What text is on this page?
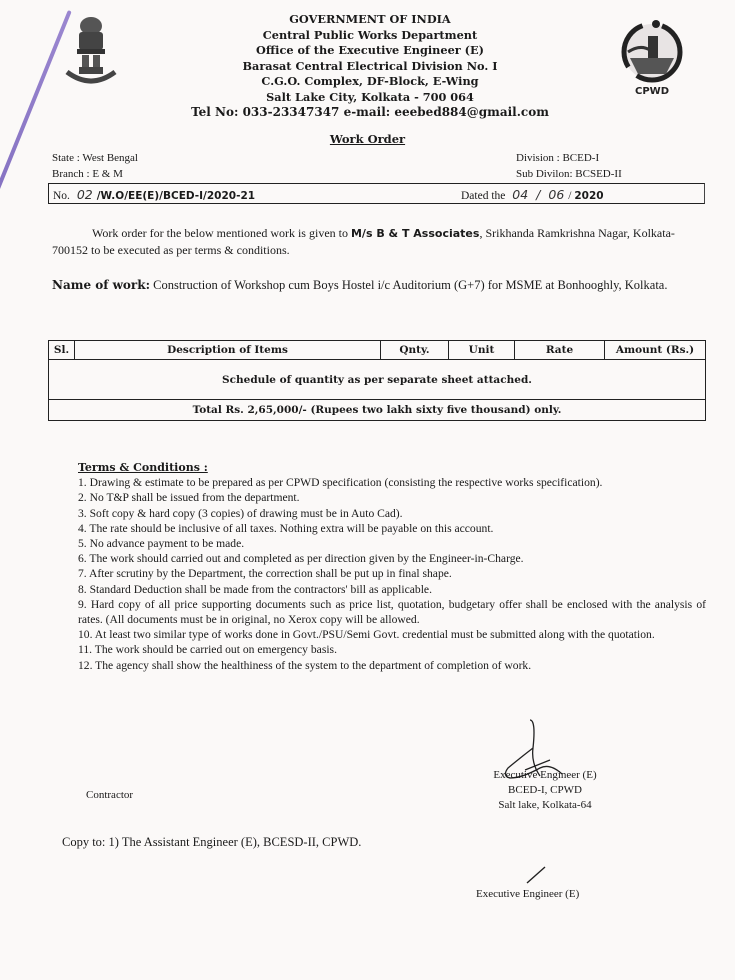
GOVERNMENT OF INDIA
Central Public Works Department
Office of the Executive Engineer (E)
Barasat Central Electrical Division No. I
C.G.O. Complex, DF-Block, E-Wing
Salt Lake City, Kolkata - 700 064
Tel No: 033-23347347 e-mail: eeebed884@gmail.com
CPWD
Work Order
State : West Bengal
Branch : E & M
Division : BCED-I
Sub Divilon: BCSED-II
No. 02 /W.O/EE(E)/BCED-I/2020-21	Dated the 04 / 06 / 2020
Work order for the below mentioned work is given to M/s B & T Associates, Srikhanda Ramkrishna Nagar, Kolkata- 700152 to be executed as per terms & conditions.
Name of work: Construction of Workshop cum Boys Hostel i/c Auditorium (G+7) for MSME at Bonhooghly, Kolkata.
Sl.	Description of Items	Qnty.	Unit	Rate	Amount (Rs.)
Schedule of quantity as per separate sheet attached.
Total Rs. 2,65,000/- (Rupees two lakh sixty five thousand) only.
Terms & Conditions :
1. Drawing & estimate to be prepared as per CPWD specification (consisting the respective works specification).
2. No T&P shall be issued from the department.
3. Soft copy & hard copy (3 copies) of drawing must be in Auto Cad).
4. The rate should be inclusive of all taxes. Nothing extra will be payable on this account.
5. No advance payment to be made.
6. The work should carried out and completed as per direction given by the Engineer-in-Charge.
7. After scrutiny by the Department, the correction shall be put up in final shape.
8. Standard Deduction shall be made from the contractors' bill as applicable.
9. Hard copy of all price supporting documents such as price list, quotation, budgetary offer shall be enclosed with the analysis of rates. (All documents must be in original, no Xerox copy will be allowed.
10. At least two similar type of works done in Govt./PSU/Semi Govt. credential must be submitted along with the quotation.
11. The work should be carried out on emergency basis.
12. The agency shall show the healthiness of the system to the department of completion of work.
Contractor
Executive Engineer (E)
BCED-I, CPWD
Salt lake, Kolkata-64
Copy to: 1) The Assistant Engineer (E), BCESD-II, CPWD.
Executive Engineer (E)
